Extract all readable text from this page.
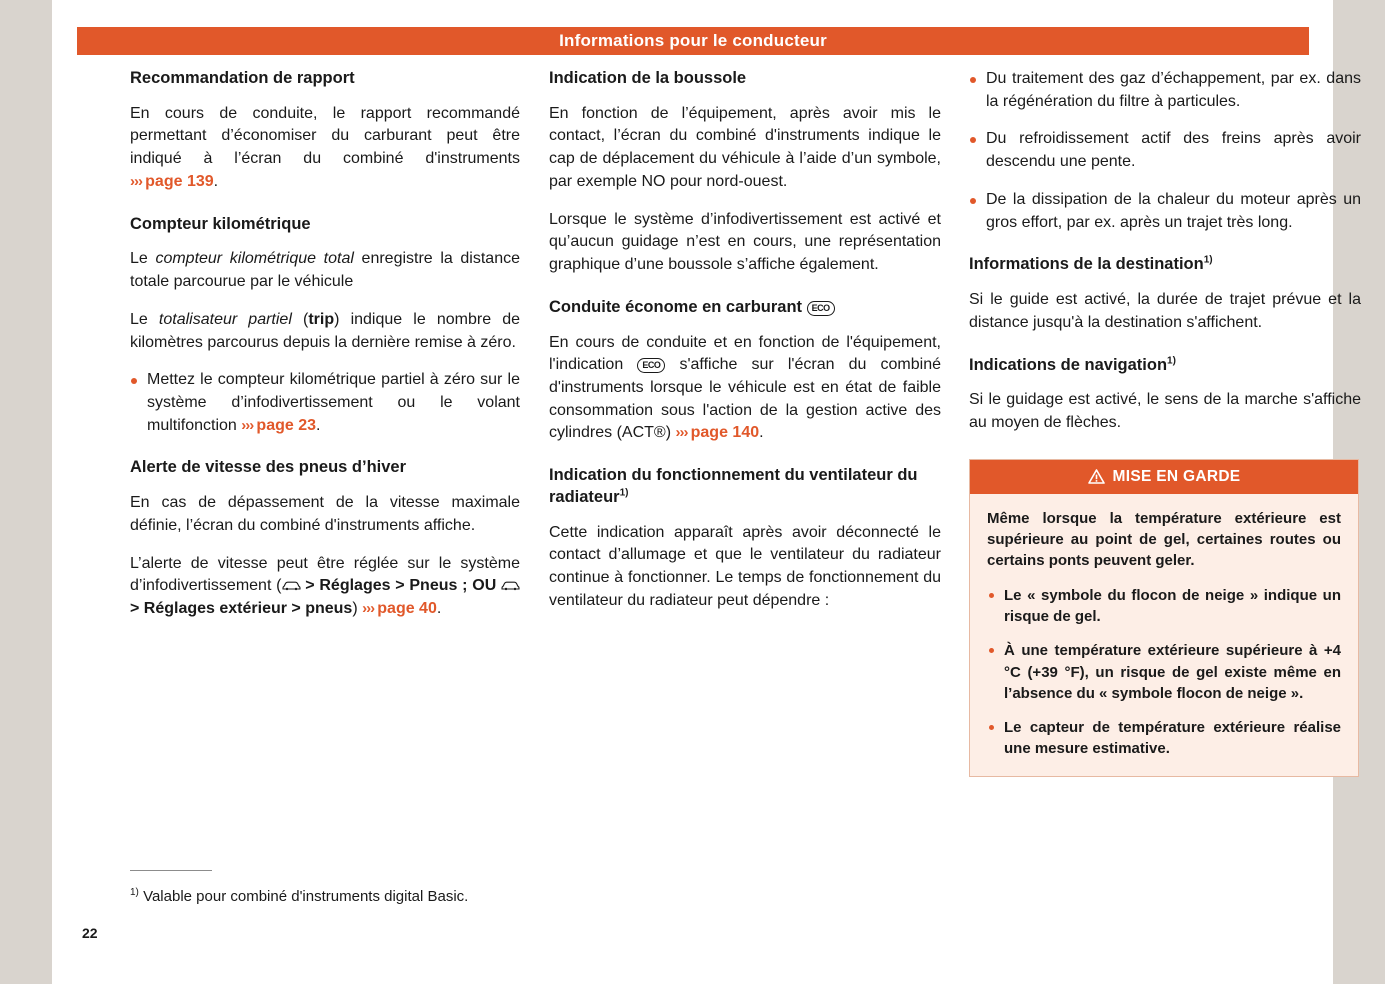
Informations pour le conducteur
Recommandation de rapport

En cours de conduite, le rapport recommandé permettant d’économiser du carburant peut être indiqué à l’écran du combiné d'instruments ››› page 139.

Compteur kilométrique

Le compteur kilométrique total enregistre la distance totale parcourue par le véhicule

Le totalisateur partiel (trip) indique le nombre de kilomètres parcourus depuis la dernière remise à zéro.

Mettez le compteur kilométrique partiel à zéro sur le système d’infodivertissement ou le volant multifonction ››› page 23.

Alerte de vitesse des pneus d’hiver

En cas de dépassement de la vitesse maximale définie, l’écran du combiné d'instruments affiche.

L’alerte de vitesse peut être réglée sur le système d’infodivertissement (
> Réglages > Pneus ; OU
> Réglages extérieur > pneus) ››› page 40.

Indication de la boussole

En fonction de l’équipement, après avoir mis le contact, l’écran du combiné d'instruments indique le cap de déplacement du véhicule à l’aide d’un symbole, par exemple NO pour nord-ouest.

Lorsque le système d’infodivertissement est activé et qu’aucun guidage n’est en cours, une représentation graphique d’une boussole s’affiche également.

Conduite économe en carburant ECO

En cours de conduite et en fonction de l'équipement, l'indication ECO s'affiche sur l'écran du combiné d'instruments lorsque le véhicule est en état de faible consommation sous l'action de la gestion active des cylindres (ACT®) ››› page 140.

Indication du fonctionnement du ventilateur du radiateur$^{1)}$

Cette indication apparaît après avoir déconnecté le contact d’allumage et que le ventilateur du radiateur continue à fonctionner. Le temps de fonctionnement du ventilateur du radiateur peut dépendre :

Du traitement des gaz d’échappement, par ex. dans la régénération du filtre à particules.

Du refroidissement actif des freins après avoir descendu une pente.

De la dissipation de la chaleur du moteur après un gros effort, par ex. après un trajet très long.

Informations de la destination$^{1)}$

Si le guide est activé, la durée de trajet prévue et la distance jusqu'à la destination s'affichent.

Indications de navigation$^{1)}$

Si le guidage est activé, le sens de la marche s'affiche au moyen de flèches.

MISE EN GARDE

Même lorsque la température extérieure est supérieure au point de gel, certaines routes ou certains ponts peuvent geler.

Le « symbole du flocon de neige » indique un risque de gel.

À une température extérieure supérieure à +4 °C (+39 °F), un risque de gel existe même en l’absence du « symbole flocon de neige ».

Le capteur de température extérieure réalise une mesure estimative.

$^{1)}$ Valable pour combiné d'instruments digital Basic.
22
